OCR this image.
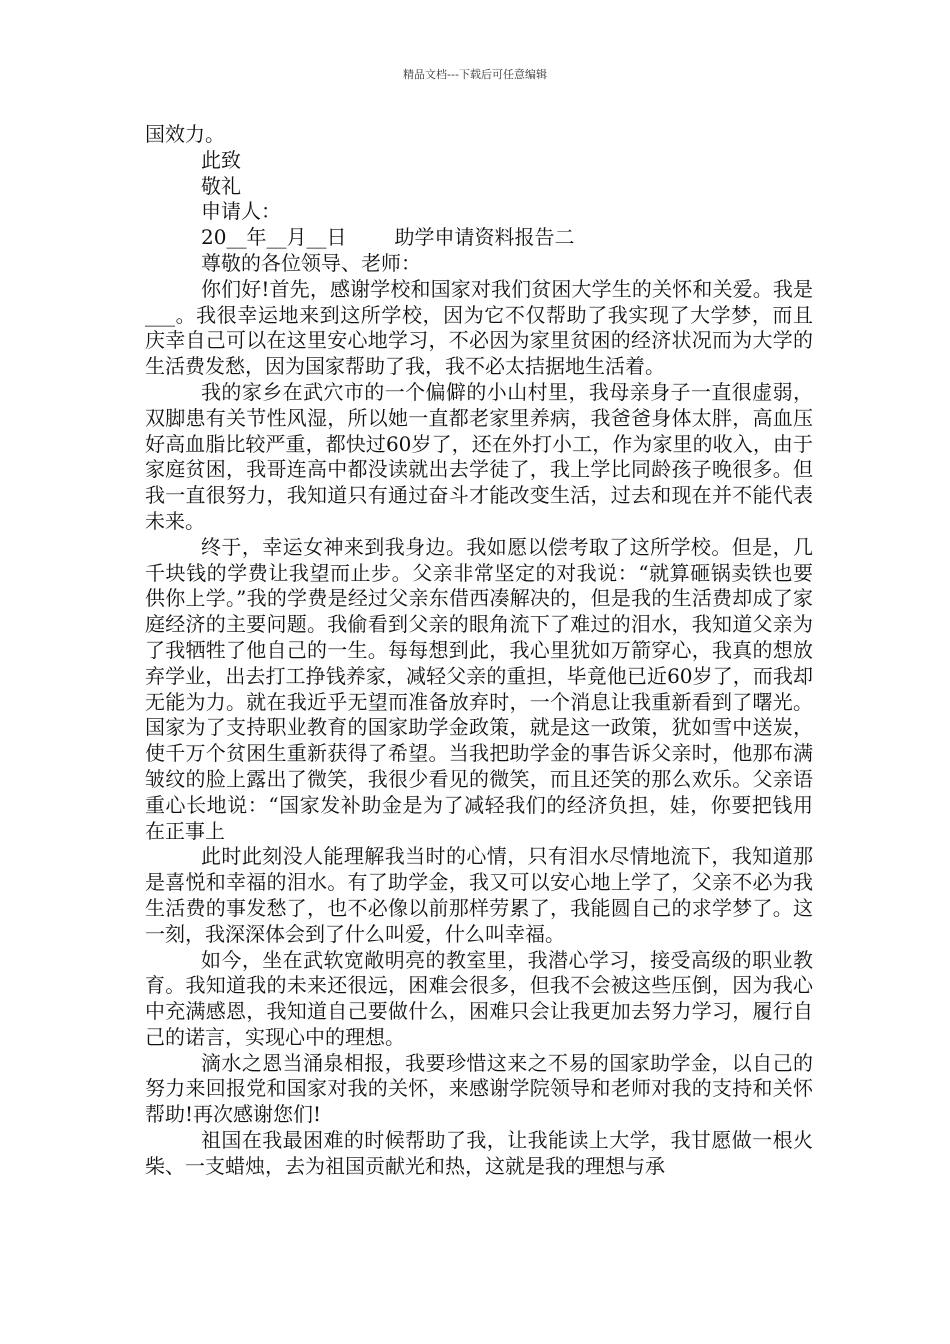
精品文档---下载后可任意编辑
国效力。
此致
敬礼
申请人：
20__年__月__日 助学申请资料报告二
尊敬的各位领导、老师：

你们好!首先，感谢学校和国家对我们贫困大学生的关怀和关爱。我是___。我很幸运地来到这所学校，因为它不仅帮助了我实现了大学梦，而且庆幸自己可以在这里安心地学习，不必因为家里贫困的经济状况而为大学的生活费发愁，因为国家帮助了我，我不必太拮据地生活着。

我的家乡在武穴市的一个偏僻的小山村里，我母亲身子一直很虚弱，双脚患有关节性风湿，所以她一直都老家里养病，我爸爸身体太胖，高血压好高血脂比较严重，都快过60岁了，还在外打小工，作为家里的收入，由于家庭贫困，我哥连高中都没读就出去学徒了，我上学比同龄孩子晚很多。但我一直很努力，我知道只有通过奋斗才能改变生活，过去和现在并不能代表未来。

终于，幸运女神来到我身边。我如愿以偿考取了这所学校。但是，几千块钱的学费让我望而止步。父亲非常坚定的对我说：“就算砸锅卖铁也要供你上学。”我的学费是经过父亲东借西凑解决的，但是我的生活费却成了家庭经济的主要问题。我偷看到父亲的眼角流下了难过的泪水，我知道父亲为了我牺牲了他自己的一生。每每想到此，我心里犹如万箭穿心，我真的想放弃学业，出去打工挣钱养家，减轻父亲的重担，毕竟他已近60岁了，而我却无能为力。就在我近乎无望而准备放弃时，一个消息让我重新看到了曙光。国家为了支持职业教育的国家助学金政策，就是这一政策，犹如雪中送炭，使千万个贫困生重新获得了希望。当我把助学金的事告诉父亲时，他那布满皱纹的脸上露出了微笑，我很少看见的微笑，而且还笑的那么欢乐。父亲语重心长地说：“国家发补助金是为了减轻我们的经济负担，娃，你要把钱用在正事上

此时此刻没人能理解我当时的心情，只有泪水尽情地流下，我知道那是喜悦和幸福的泪水。有了助学金，我又可以安心地上学了，父亲不必为我生活费的事发愁了，也不必像以前那样劳累了，我能圆自己的求学梦了。这一刻，我深深体会到了什么叫爱，什么叫幸福。

如今，坐在武软宽敞明亮的教室里，我潜心学习，接受高级的职业教育。我知道我的未来还很远，困难会很多，但我不会被这些压倒，因为我心中充满感恩，我知道自己要做什么，困难只会让我更加去努力学习，履行自己的诺言，实现心中的理想。

滴水之恩当涌泉相报，我要珍惜这来之不易的国家助学金，以自己的努力来回报党和国家对我的关怀，来感谢学院领导和老师对我的支持和关怀帮助!再次感谢您们!

祖国在我最困难的时候帮助了我，让我能读上大学，我甘愿做一根火柴、一支蜡烛，去为祖国贡献光和热，这就是我的理想与承
